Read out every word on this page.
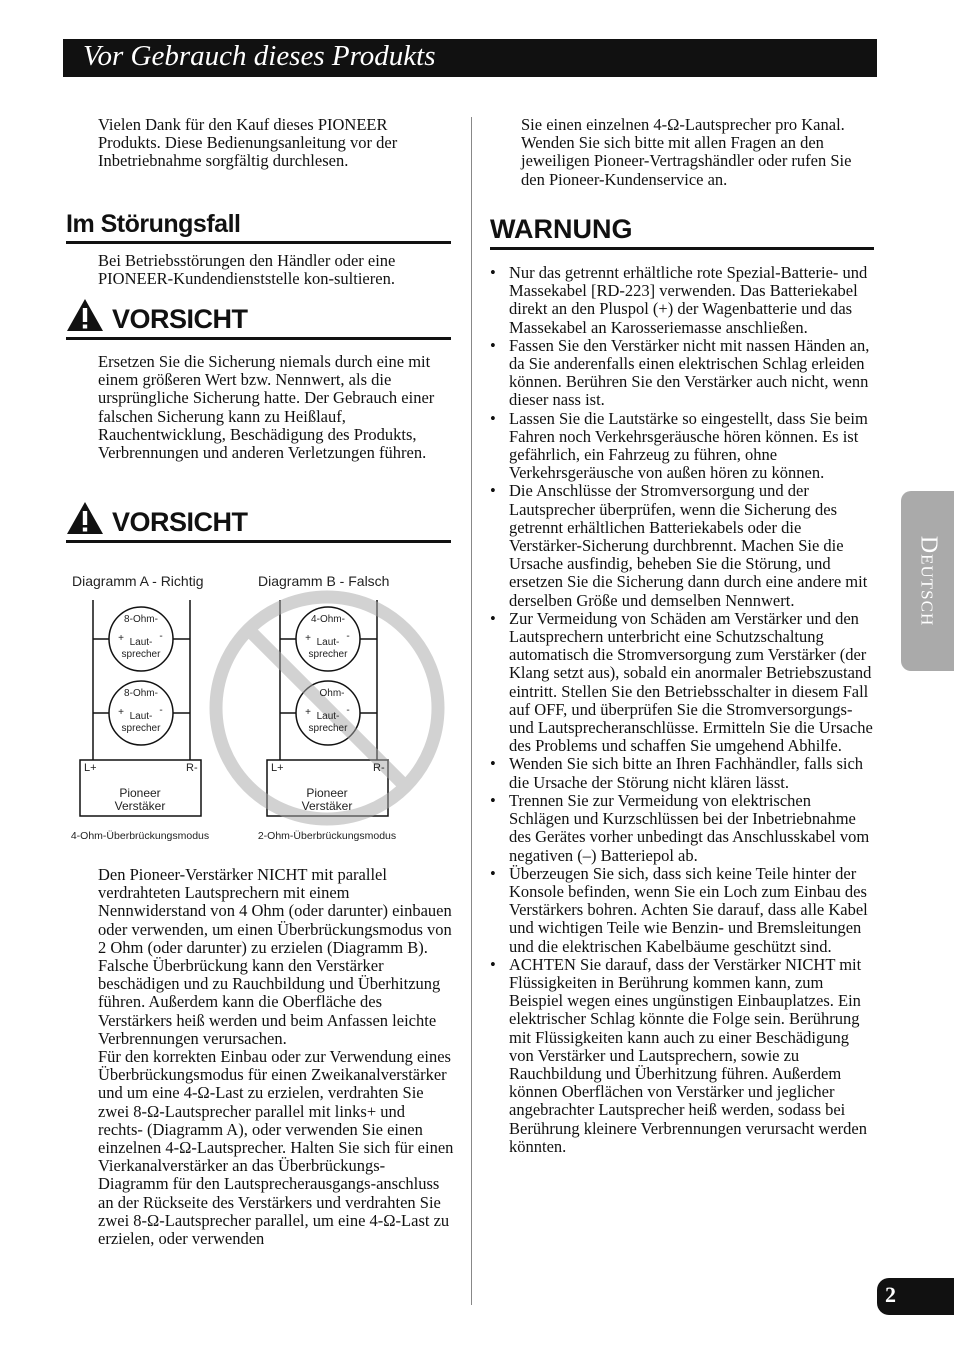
Vor Gebrauch dieses Produkts

Vielen Dank für den Kauf dieses PIONEER Produkts. Diese Bedienungsanleitung vor der Inbetriebnahme sorgfältig durchlesen.

Im Störungsfall

Bei Betriebsstörungen den Händler oder eine PIONEER-Kundendienststelle kon-sultieren.

VORSICHT

Ersetzen Sie die Sicherung niemals durch eine mit einem größeren Wert bzw. Nennwert, als die ursprüngliche Sicherung hatte. Der Gebrauch einer falschen Sicherung kann zu Heißlauf, Rauchentwicklung, Beschädigung des Produkts, Verbrennungen und anderen Verletzungen führen.

VORSICHT
Diagramm A - Richtig	Diagramm B - Falsch
8-Ohm-
Laut-
sprecher
+	-
8-Ohm-
Laut-
sprecher
+	-
4-Ohm-
Laut-
sprecher
+	-
Ohm-
Laut-
sprecher
+	-
L+	R-	L+	R-
Pioneer
Verstäker
Pioneer
Verstäker
4-Ohm-Überbrückungsmodus	2-Ohm-Überbrückungsmodus

Den Pioneer-Verstärker NICHT mit parallel verdrahteten Lautsprechern mit einem Nennwiderstand von 4 Ohm (oder darunter) einbauen oder verwenden, um einen Überbrückungsmodus von 2 Ohm (oder darunter) zu erzielen (Diagramm B).

Falsche Überbrückung kann den Verstärker beschädigen und zu Rauchbildung und Überhitzung führen. Außerdem kann die Oberfläche des Verstärkers heiß werden und beim Anfassen leichte Verbrennungen verursachen.

Für den korrekten Einbau oder zur Verwendung eines Überbrückungsmodus für einen Zweikanalverstärker und um eine 4-Ω-Last zu erzielen, verdrahten Sie zwei 8-Ω-Lautsprecher parallel mit links+ und rechts- (Diagramm A), oder verwenden Sie einen einzelnen 4-Ω-Lautsprecher. Halten Sie sich für einen Vierkanalverstärker an das Überbrückungs-Diagramm für den Lautsprecherausgangs-anschluss an der Rückseite des Verstärkers und verdrahten Sie zwei 8-Ω-Lautsprecher parallel, um eine 4-Ω-Last zu erzielen, oder verwenden

Sie einen einzelnen 4-Ω-Lautsprecher pro Kanal.

Wenden Sie sich bitte mit allen Fragen an den jeweiligen Pioneer-Vertragshändler oder rufen Sie den Pioneer-Kundenservice an.

WARNUNG
• Nur das getrennt erhältliche rote Spezial-Batterie- und Massekabel [RD-223] verwenden. Das Batteriekabel direkt an den Pluspol (+) der Wagenbatterie und das Massekabel an Karosseriemasse anschließen.
• Fassen Sie den Verstärker nicht mit nassen Händen an, da Sie anderenfalls einen elektrischen Schlag erleiden können. Berühren Sie den Verstärker auch nicht, wenn dieser nass ist.
• Lassen Sie die Lautstärke so eingestellt, dass Sie beim Fahren noch Verkehrsgeräusche hören können. Es ist gefährlich, ein Fahrzeug zu führen, ohne Verkehrsgeräusche von außen hören zu können.
• Die Anschlüsse der Stromversorgung und der Lautsprecher überprüfen, wenn die Sicherung des getrennt erhältlichen Batteriekabels oder die Verstärker-Sicherung durchbrennt. Machen Sie die Ursache ausfindig, beheben Sie die Störung, und ersetzen Sie die Sicherung dann durch eine andere mit derselben Größe und demselben Nennwert.
• Zur Vermeidung von Schäden am Verstärker und den Lautsprechern unterbricht eine Schutzschaltung automatisch die Stromversorgung zum Verstärker (der Klang setzt aus), sobald ein anormaler Betriebszustand eintritt. Stellen Sie den Betriebsschalter in diesem Fall auf OFF, und überprüfen Sie die Stromversorgungs- und Lautsprecheranschlüsse. Ermitteln Sie die Ursache des Problems und schaffen Sie umgehend Abhilfe.
• Wenden Sie sich bitte an Ihren Fachhändler, falls sich die Ursache der Störung nicht klären lässt.
• Trennen Sie zur Vermeidung von elektrischen Schlägen und Kurzschlüssen bei der Inbetriebnahme des Gerätes vorher unbedingt das Anschlusskabel vom negativen (–) Batteriepol ab.
• Überzeugen Sie sich, dass sich keine Teile hinter der Konsole befinden, wenn Sie ein Loch zum Einbau des Verstärkers bohren. Achten Sie darauf, dass alle Kabel und wichtigen Teile wie Benzin- und Bremsleitungen und die elektrischen Kabelbäume geschützt sind.
• ACHTEN Sie darauf, dass der Verstärker NICHT mit Flüssigkeiten in Berührung kommen kann, zum Beispiel wegen eines ungünstigen Einbauplatzes. Ein elektrischer Schlag könnte die Folge sein. Berührung mit Flüssigkeiten kann auch zu einer Beschädigung von Verstärker und Lautsprechern, sowie zu Rauchbildung und Überhitzung führen. Außerdem können Oberflächen von Verstärker und jeglicher angebrachter Lautsprecher heiß werden, sodass bei Berührung kleinere Verbrennungen verursacht werden könnten.
Deutsch
2
